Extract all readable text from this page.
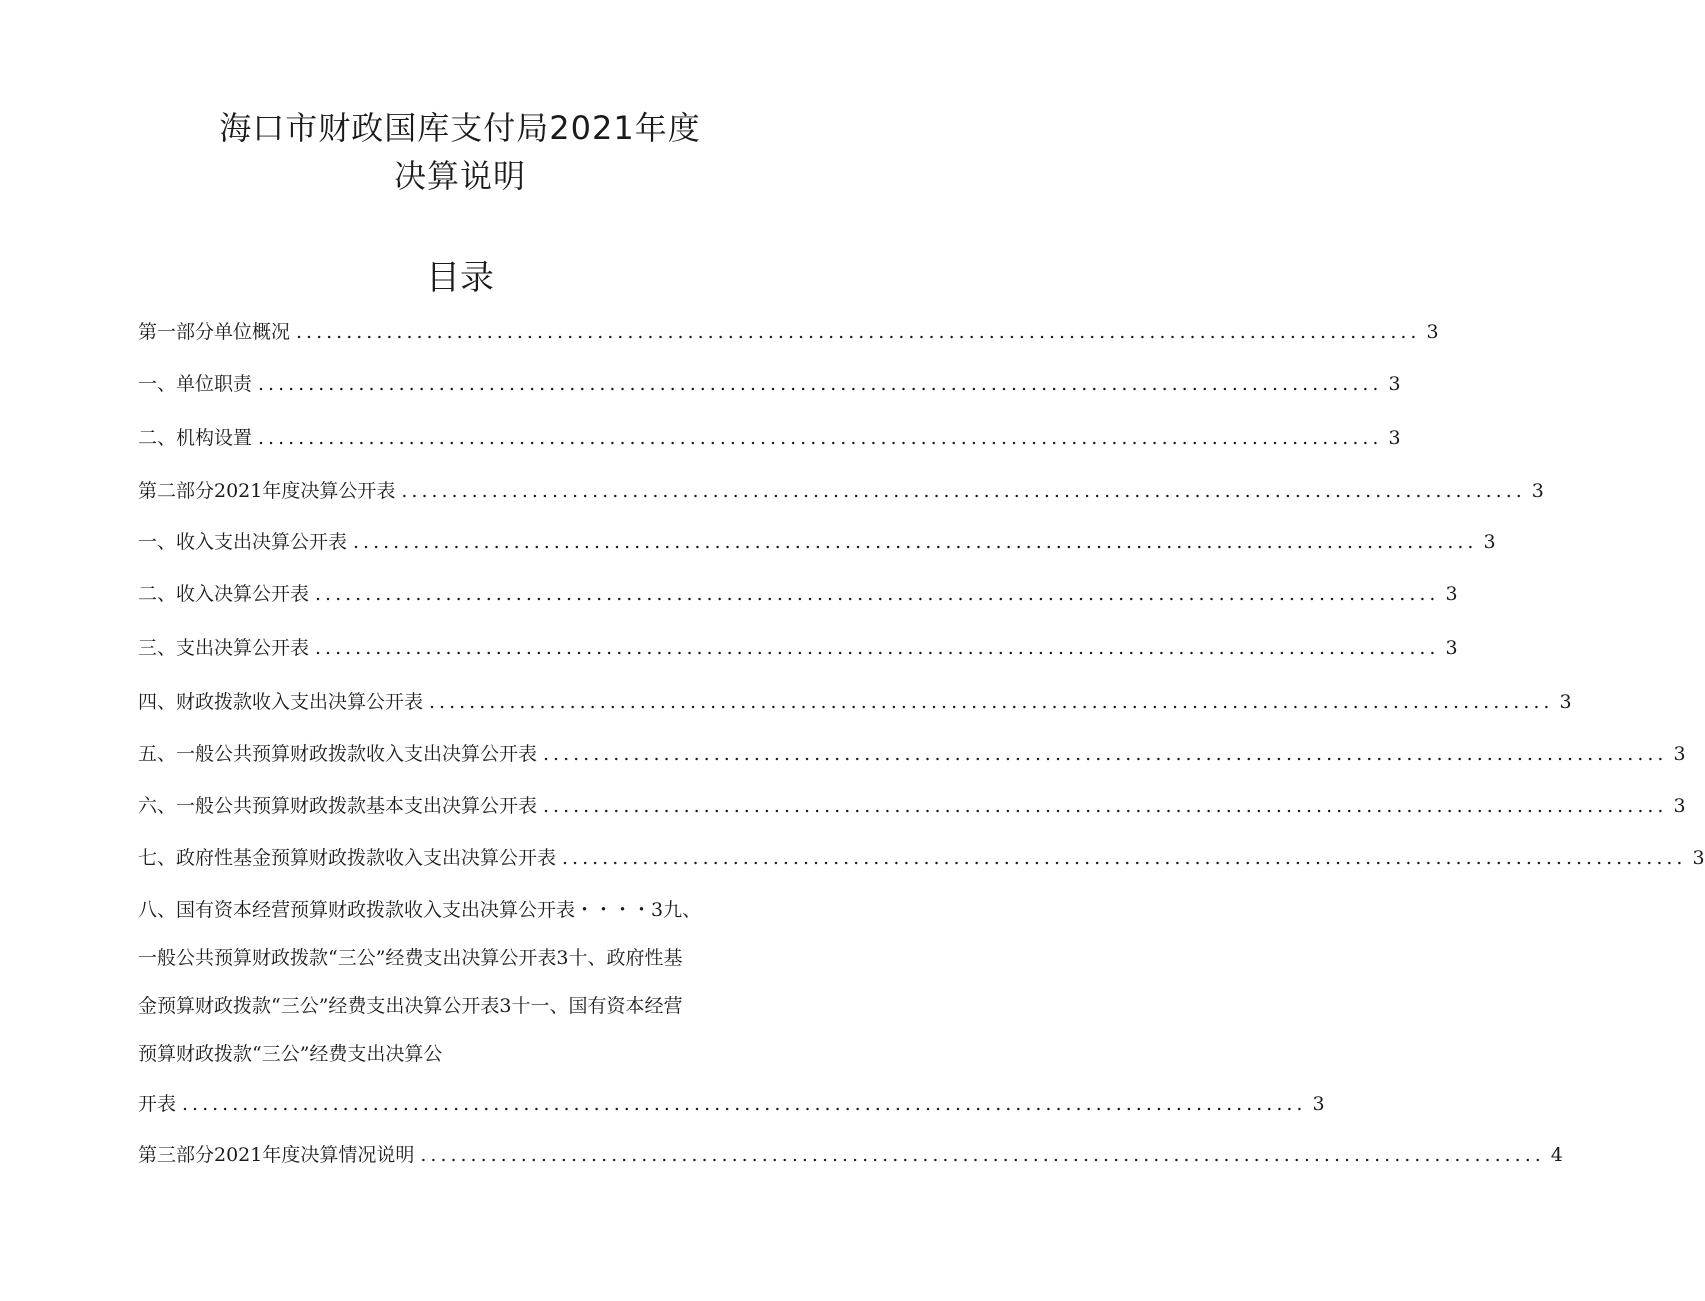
海口市财政国库支付局2021年度
决算说明
目录
第一部分单位概况 ................................................................................................................ 3
一、单位职责 ................................................................................................................ 3
二、机构设置 ................................................................................................................ 3
第二部分2021年度决算公开表 ................................................................................................................ 3
一、收入支出决算公开表 ................................................................................................................ 3
二、收入决算公开表 ................................................................................................................ 3
三、支出决算公开表 ................................................................................................................ 3
四、财政拨款收入支出决算公开表 ................................................................................................................ 3
五、一般公共预算财政拨款收入支出决算公开表 ................................................................................................................ 3
六、一般公共预算财政拨款基本支出决算公开表 ................................................................................................................ 3
七、政府性基金预算财政拨款收入支出决算公开表 ................................................................................................................ 3
八、国有资本经营预算财政拨款收入支出决算公开表・・・・3九、
一般公共预算财政拨款“三公”经费支出决算公开表3十、政府性基
金预算财政拨款“三公”经费支出决算公开表3十一、国有资本经营
预算财政拨款“三公”经费支出决算公
开表 ................................................................................................................ 3
第三部分2021年度决算情况说明 ................................................................................................................ 4
